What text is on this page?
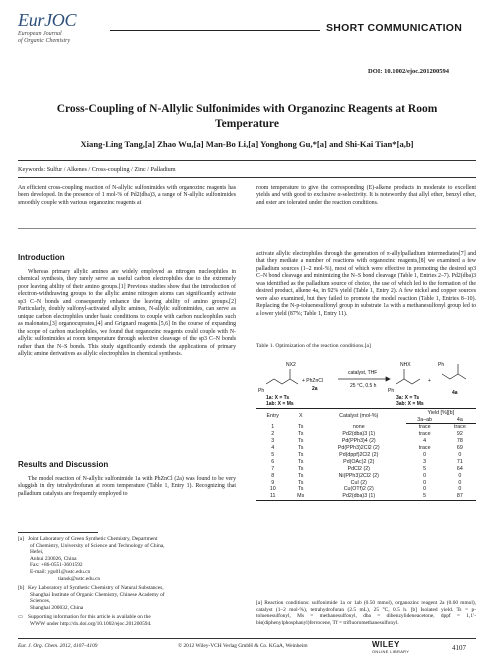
EurJOC
European Journal
of Organic Chemistry
SHORT COMMUNICATION
DOI: 10.1002/ejoc.201200594
Cross-Coupling of N-Allylic Sulfonimides with Organozinc Reagents at Room Temperature
Xiang-Ling Tang,[a] Zhao Wu,[a] Man-Bo Li,[a] Yonghong Gu,*[a] and Shi-Kai Tian*[a,b]
Keywords: Sulfur / Alkenes / Cross-coupling / Zinc / Palladium
An efficient cross-coupling reaction of N-allylic sulfonimides with organozinc reagents has been developed. In the presence of 1 mol-% of Pd2(dba)3, a range of N-allylic sulfonimides smoothly couple with various organozinc reagents at
room temperature to give the corresponding (E)-alkene products in moderate to excellent yields and with good to exclusive α-selectivity. It is noteworthy that allyl ether, benzyl ether, and ester are tolerated under the reaction conditions.
Introduction
Whereas primary allylic amines are widely employed as nitrogen nucleophiles in chemical synthesis, they rarely serve as useful carbon electrophiles due to the extremely poor leaving ability of their amino groups.[1] Previous studies show that the introduction of electron-withdrawing groups to the allylic amine nitrogen atoms can significantly activate sp3 C–N bonds and consequently enhance the leaving ability of amino groups.[2] Particularly, doubly sulfonyl-activated allylic amines, N-allylic sulfonimides, can serve as unique carbon electrophiles under basic conditions to couple with carbon nucleophiles such as malonates,[3] organocuprates,[4] and Grignard reagents.[5,6] In the course of expanding the scope of carbon nucleophiles, we found that organozinc reagents could couple with N-allylic sulfonimides at room temperature through selective cleavage of the sp3 C–N bonds rather than the N–S bonds. This study significantly extends the applications of primary allylic amine derivatives as allylic electrophiles in chemical synthesis.
Results and Discussion
The model reaction of N-allylic sulfonimide 1a with PhZnCl (2a) was found to be very sluggish in dry tetrahydrofuran at room temperature (Table 1, Entry 1). Recognizing that palladium catalysts are frequently employed to
[a] Joint Laboratory of Green Synthetic Chemistry, Department
of Chemistry, University of Science and Technology of China,
Hefei,
Anhui 230026, China
Fax: +86-0551-3601592
E-mail: ygu01@ustc.edu.cn
tiansk@ustc.edu.cn
[b] Key Laboratory of Synthetic Chemistry of Natural Substances,
Shanghai Institute of Organic Chemistry, Chinese Academy of
Sciences,
Shanghai 200032, China
▭ Supporting information for this article is available on the
WWW under http://dx.doi.org/10.1002/ejoc.201200594.
activate allylic electrophiles through the generation of π-allylpalladium intermediates[7] and that they mediate a number of reactions with organozinc reagents,[8] we examined a few palladium sources (1–2 mol-%), most of which were effective in promoting the desired sp3 C–N bond cleavage and minimizing the N–S bond cleavage (Table 1, Entries 2–7). Pd2(dba)3 was identified as the palladium source of choice, the use of which led to the formation of the desired product, alkene 4a, in 92% yield (Table 1, Entry 2). A few nickel and copper sources were also examined, but they failed to promote the model reaction (Table 1, Entries 8–10). Replacing the N-p-toluenesulfonyl group in substrate 1a with a methanesulfonyl group led to a lower yield (87%; Table 1, Entry 11).
Table 1. Optimization of the reaction conditions.[a]
NX2
Ph
+ PhZnCl
2a
catalyst, THF
25 °C, 0.5 h
NHX
Ph
+
Ph
1a: X = Ts
1ab: X = Ms
3a: X = Ts
3ab: X = Ms
4a
Entry	X	Catalyst (mol-%)	Yield [%][b]	
			3a–ab	4a
1	Ts	none	trace	trace
2	Ts	Pd2(dba)3 (1)	trace	92
3	Ts	Pd(PPh3)4 (2)	4	78
4	Ts	Pd(PPh3)2Cl2 (2)	trace	69
5	Ts	Pd(dppf)2Cl2 (2)	0	0
6	Ts	Pd(OAc)2 (2)	3	71
7	Ts	PdCl2 (2)	5	64
8	Ts	Ni(PPh3)2Cl2 (2)	0	0
9	Ts	CuI (2)	0	0
10	Ts	Cu(OTf)2 (2)	0	0
11	Ms	Pd2(dba)3 (1)	5	87
[a] Reaction conditions: sulfonimide 1a or 1ab (0.50 mmol), organozinc reagent 2a (0.60 mmol), catalyst (1–2 mol-%), tetrahydrofuran (2.5 mL), 25 °C, 0.5 h. [b] Isolated yield. Ts = p-toluenesulfonyl, Ms = methanesulfonyl, dba = dibenzylideneacetone, dppf = 1,1′-bis(diphenylphosphanyl)ferrocene, Tf = trifluoromethanesulfonyl.
Eur. J. Org. Chem. 2012, 4107–4109	© 2012 Wiley-VCH Verlag GmbH & Co. KGaA, Weinheim	WILEY
ONLINE LIBRARY	4107
